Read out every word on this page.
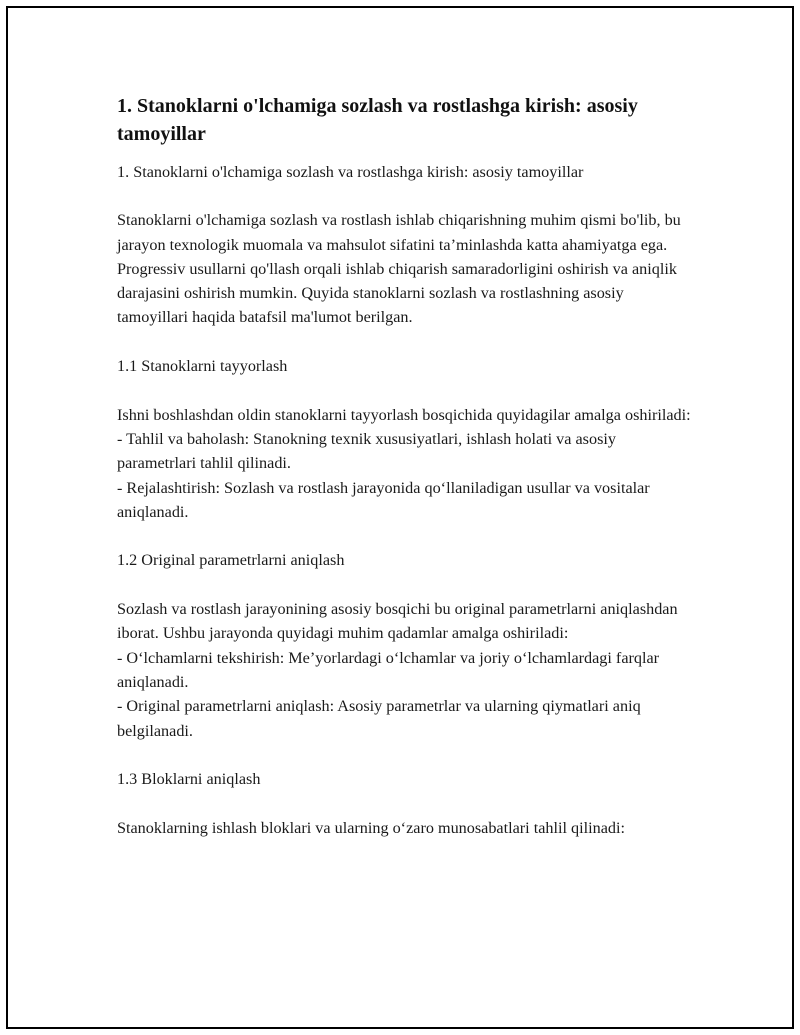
1. Stanoklarni o'lchamiga sozlash va rostlashga kirish: asosiy tamoyillar

1. Stanoklarni o'lchamiga sozlash va rostlashga kirish: asosiy tamoyillar

Stanoklarni o'lchamiga sozlash va rostlash ishlab chiqarishning muhim qismi bo'lib, bu jarayon texnologik muomala va mahsulot sifatini ta’minlashda katta ahamiyatga ega. Progressiv usullarni qo'llash orqali ishlab chiqarish samaradorligini oshirish va aniqlik darajasini oshirish mumkin. Quyida stanoklarni sozlash va rostlashning asosiy tamoyillari haqida batafsil ma'lumot berilgan.

1.1 Stanoklarni tayyorlash

Ishni boshlashdan oldin stanoklarni tayyorlash bosqichida quyidagilar amalga oshiriladi:
- Tahlil va baholash: Stanokning texnik xususiyatlari, ishlash holati va asosiy parametrlari tahlil qilinadi.
- Rejalashtirish: Sozlash va rostlash jarayonida qo‘llaniladigan usullar va vositalar aniqlanadi.

1.2 Original parametrlarni aniqlash

Sozlash va rostlash jarayonining asosiy bosqichi bu original parametrlarni aniqlashdan iborat. Ushbu jarayonda quyidagi muhim qadamlar amalga oshiriladi:
- O‘lchamlarni tekshirish: Me’yorlardagi o‘lchamlar va joriy o‘lchamlardagi farqlar aniqlanadi.
- Original parametrlarni aniqlash: Asosiy parametrlar va ularning qiymatlari aniq belgilanadi.

1.3 Bloklarni aniqlash

Stanoklarning ishlash bloklari va ularning o‘zaro munosabatlari tahlil qilinadi:
